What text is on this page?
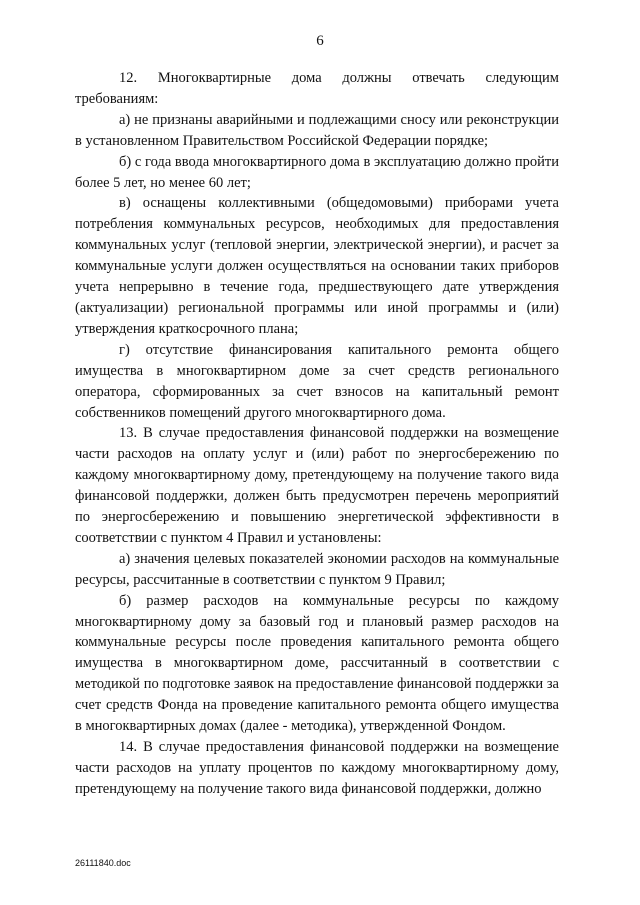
6

12. Многоквартирные дома должны отвечать следующим требованиям:

а) не признаны аварийными и подлежащими сносу или реконструкции в установленном Правительством Российской Федерации порядке;

б) с года ввода многоквартирного дома в эксплуатацию должно пройти более 5 лет, но менее 60 лет;

в) оснащены коллективными (общедомовыми) приборами учета потребления коммунальных ресурсов, необходимых для предоставления коммунальных услуг (тепловой энергии, электрической энергии), и расчет за коммунальные услуги должен осуществляться на основании таких приборов учета непрерывно в течение года, предшествующего дате утверждения (актуализации) региональной программы или иной программы и (или) утверждения краткосрочного плана;

г) отсутствие финансирования капитального ремонта общего имущества в многоквартирном доме за счет средств регионального оператора, сформированных за счет взносов на капитальный ремонт собственников помещений другого многоквартирного дома.

13. В случае предоставления финансовой поддержки на возмещение части расходов на оплату услуг и (или) работ по энергосбережению по каждому многоквартирному дому, претендующему на получение такого вида финансовой поддержки, должен быть предусмотрен перечень мероприятий по энергосбережению и повышению энергетической эффективности в соответствии с пунктом 4 Правил и установлены:

а) значения целевых показателей экономии расходов на коммунальные ресурсы, рассчитанные в соответствии с пунктом 9 Правил;

б) размер расходов на коммунальные ресурсы по каждому многоквартирному дому за базовый год и плановый размер расходов на коммунальные ресурсы после проведения капитального ремонта общего имущества в многоквартирном доме, рассчитанный в соответствии с методикой по подготовке заявок на предоставление финансовой поддержки за счет средств Фонда на проведение капитального ремонта общего имущества в многоквартирных домах (далее - методика), утвержденной Фондом.

14. В случае предоставления финансовой поддержки на возмещение части расходов на уплату процентов по каждому многоквартирному дому, претендующему на получение такого вида финансовой поддержки, должно

26111840.doc
